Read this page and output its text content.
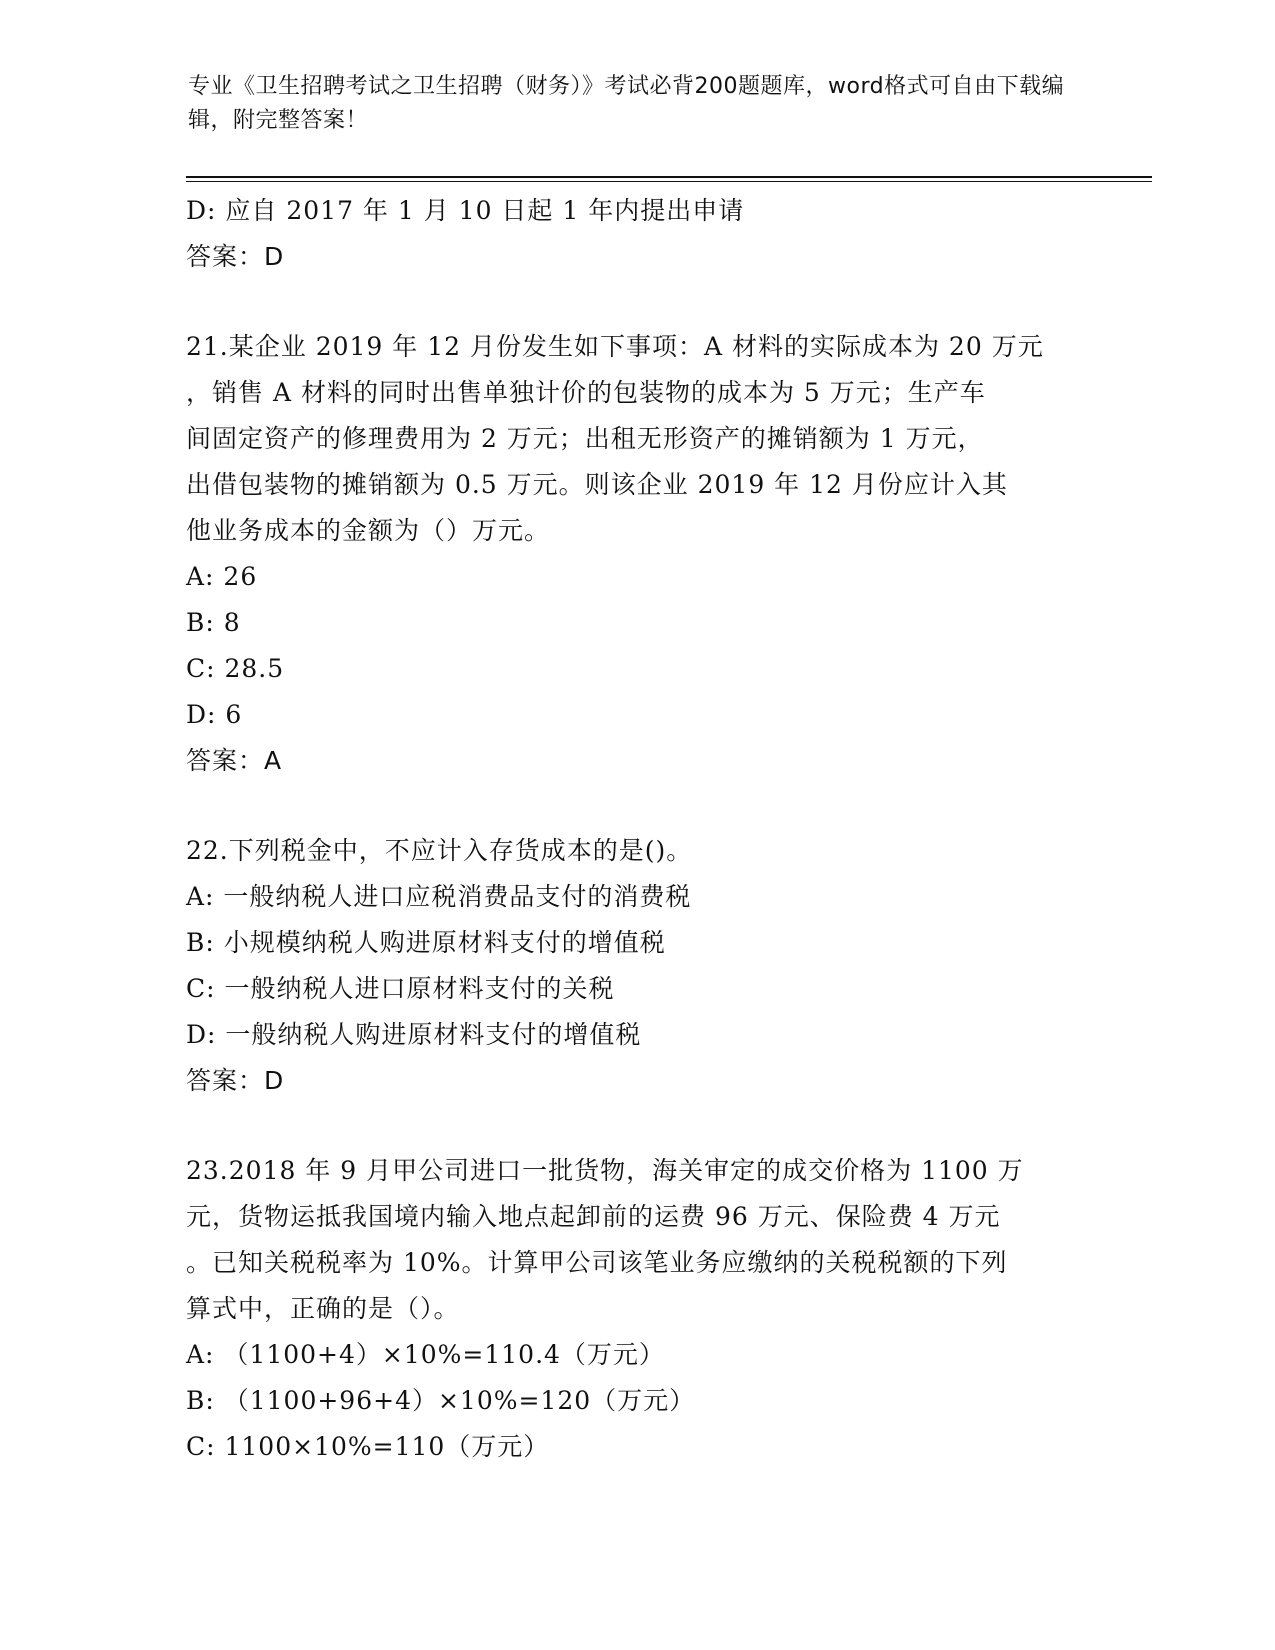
专业《卫生招聘考试之卫生招聘（财务）》考试必背200题题库，word格式可自由下载编辑，附完整答案！
D: 应自 2017 年 1 月 10 日起 1 年内提出申请
答案：D
21.某企业 2019 年 12 月份发生如下事项：A 材料的实际成本为 20 万元
，销售 A 材料的同时出售单独计价的包装物的成本为 5 万元；生产车
间固定资产的修理费用为 2 万元；出租无形资产的摊销额为 1 万元，
出借包装物的摊销额为 0.5 万元。则该企业 2019 年 12 月份应计入其
他业务成本的金额为（）万元。
A: 26
B: 8
C: 28.5
D: 6
答案：A
22.下列税金中，不应计入存货成本的是()。
A: 一般纳税人进口应税消费品支付的消费税
B: 小规模纳税人购进原材料支付的增值税
C: 一般纳税人进口原材料支付的关税
D: 一般纳税人购进原材料支付的增值税
答案：D
23.2018 年 9 月甲公司进口一批货物，海关审定的成交价格为 1100 万
元，货物运抵我国境内输入地点起卸前的运费 96 万元、保险费 4 万元
。已知关税税率为 10%。计算甲公司该笔业务应缴纳的关税税额的下列
算式中，正确的是（）。
A: （1100+4）×10%=110.4（万元）
B: （1100+96+4）×10%=120（万元）
C: 1100×10%=110（万元）
